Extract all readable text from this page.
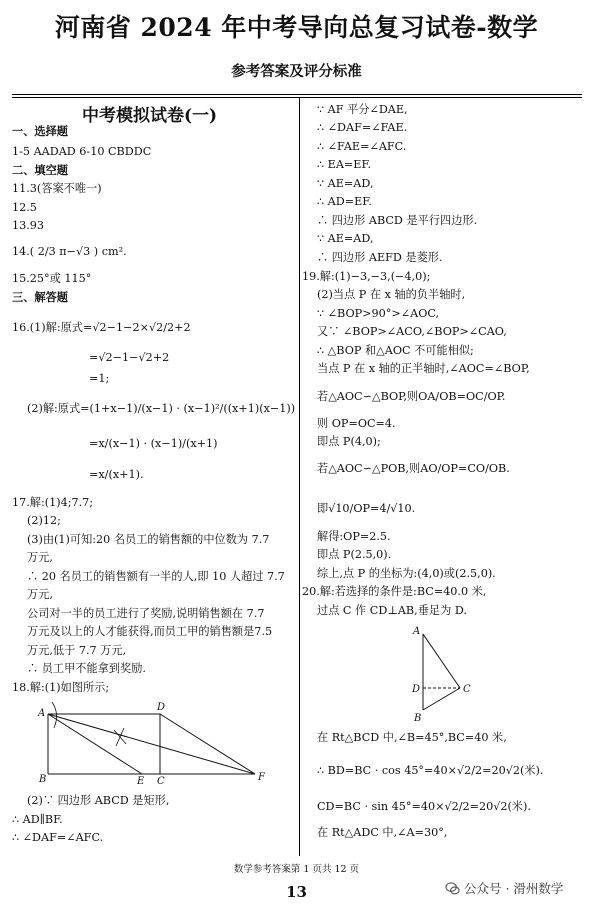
河南省 2024 年中考导向总复习试卷-数学
参考答案及评分标准
中考模拟试卷(一)
一、选择题
1-5 AADAD 6-10 CBDDC
二、填空题
11.3(答案不唯一)
12.5
13.93
14.( 2/3 π−√3 ) cm².
15.25°或 115°
三、解答题
16.(1)解:原式=√2−1−2×√2/2+2
=√2−1−√2+2
=1;
(2)解:原式=(1+x−1)/(x−1) · (x−1)²/((x+1)(x−1))
=x/(x−1) · (x−1)/(x+1)
=x/(x+1).
17.解:(1)4;7.7;
(2)12;
(3)由(1)可知:20 名员工的销售额的中位数为 7.7
万元,
∴ 20 名员工的销售额有一半的人,即 10 人超过 7.7
万元,
公司对一半的员工进行了奖励,说明销售额在 7.7
万元及以上的人才能获得,而员工甲的销售额是7.5
万元,低于 7.7 万元,
∴ 员工甲不能拿到奖励.
18.解:(1)如图所示;
A
D
B	E C	F
(2)∵ 四边形 ABCD 是矩形,
∴ AD∥BF.
∴ ∠DAF=∠AFC.
∵ AF 平分∠DAE,
∴ ∠DAF=∠FAE.
∴ ∠FAE=∠AFC.
∴ EA=EF.
∵ AE=AD,
∴ AD=EF.
∴ 四边形 ABCD 是平行四边形.
∵ AE=AD,
∴ 四边形 AEFD 是菱形.
19.解:(1)−3,−3,(−4,0);
(2)当点 P 在 x 轴的负半轴时,
∵ ∠BOP>90°>∠AOC,
又∵ ∠BOP>∠ACO,∠BOP>∠CAO,
∴ △BOP 和△AOC 不可能相似;
当点 P 在 x 轴的正半轴时,∠AOC=∠BOP,
若△AOC∽△BOP,则OA/OB=OC/OP.
则 OP=OC=4.
即点 P(4,0);
若△AOC∽△POB,则AO/OP=CO/OB.
即√10/OP=4/√10.
解得:OP=2.5.
即点 P(2.5,0).
综上,点 P 的坐标为:(4,0)或(2.5,0).
20.解:若选择的条件是:BC=40.0 米,
过点 C 作 CD⊥AB,垂足为 D.
A
D	C
B
在 Rt△BCD 中,∠B=45°,BC=40 米,
∴ BD=BC · cos 45°=40×√2/2=20√2(米).
CD=BC · sin 45°=40×√2/2=20√2(米).
在 Rt△ADC 中,∠A=30°,
数学参考答案第 1 页共 12 页
13	公众号 · 滑州数学
